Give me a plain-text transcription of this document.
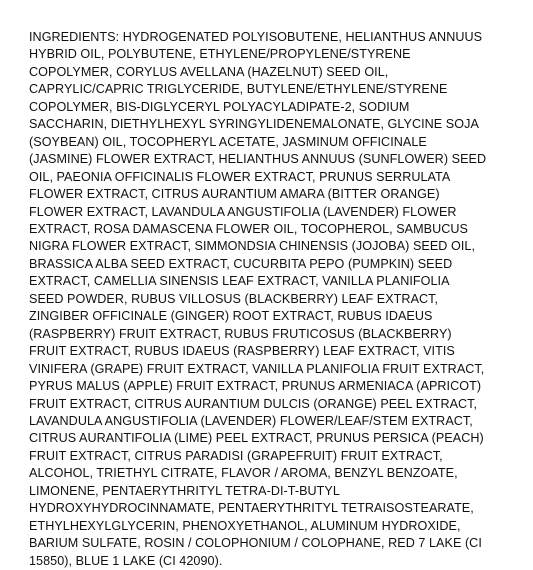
INGREDIENTS: HYDROGENATED POLYISOBUTENE, HELIANTHUS ANNUUS
HYBRID OIL, POLYBUTENE, ETHYLENE/PROPYLENE/STYRENE
COPOLYMER, CORYLUS AVELLANA (HAZELNUT) SEED OIL,
CAPRYLIC/CAPRIC TRIGLYCERIDE, BUTYLENE/ETHYLENE/STYRENE
COPOLYMER, BIS-DIGLYCERYL POLYACYLADIPATE-2, SODIUM
SACCHARIN, DIETHYLHEXYL SYRINGYLIDENEMALONATE, GLYCINE SOJA
(SOYBEAN) OIL, TOCOPHERYL ACETATE, JASMINUM OFFICINALE
(JASMINE) FLOWER EXTRACT, HELIANTHUS ANNUUS (SUNFLOWER) SEED
OIL, PAEONIA OFFICINALIS FLOWER EXTRACT, PRUNUS SERRULATA
FLOWER EXTRACT, CITRUS AURANTIUM AMARA (BITTER ORANGE)
FLOWER EXTRACT, LAVANDULA ANGUSTIFOLIA (LAVENDER) FLOWER
EXTRACT, ROSA DAMASCENA FLOWER OIL, TOCOPHEROL, SAMBUCUS
NIGRA FLOWER EXTRACT, SIMMONDSIA CHINENSIS (JOJOBA) SEED OIL,
BRASSICA ALBA SEED EXTRACT, CUCURBITA PEPO (PUMPKIN) SEED
EXTRACT, CAMELLIA SINENSIS LEAF EXTRACT, VANILLA PLANIFOLIA
SEED POWDER, RUBUS VILLOSUS (BLACKBERRY) LEAF EXTRACT,
ZINGIBER OFFICINALE (GINGER) ROOT EXTRACT, RUBUS IDAEUS
(RASPBERRY) FRUIT EXTRACT, RUBUS FRUTICOSUS (BLACKBERRY)
FRUIT EXTRACT, RUBUS IDAEUS (RASPBERRY) LEAF EXTRACT, VITIS
VINIFERA (GRAPE) FRUIT EXTRACT, VANILLA PLANIFOLIA FRUIT EXTRACT,
PYRUS MALUS (APPLE) FRUIT EXTRACT, PRUNUS ARMENIACA (APRICOT)
FRUIT EXTRACT, CITRUS AURANTIUM DULCIS (ORANGE) PEEL EXTRACT,
LAVANDULA ANGUSTIFOLIA (LAVENDER) FLOWER/LEAF/STEM EXTRACT,
CITRUS AURANTIFOLIA (LIME) PEEL EXTRACT, PRUNUS PERSICA (PEACH)
FRUIT EXTRACT, CITRUS PARADISI (GRAPEFRUIT) FRUIT EXTRACT,
ALCOHOL, TRIETHYL CITRATE, FLAVOR / AROMA, BENZYL BENZOATE,
LIMONENE, PENTAERYTHRITYL TETRA-DI-T-BUTYL
HYDROXYHYDROCINNAMATE, PENTAERYTHRITYL TETRAISOSTEARATE,
ETHYLHEXYLGLYCERIN, PHENOXYETHANOL, ALUMINUM HYDROXIDE,
BARIUM SULFATE, ROSIN / COLOPHONIUM / COLOPHANE, RED 7 LAKE (CI
15850), BLUE 1 LAKE (CI 42090).
